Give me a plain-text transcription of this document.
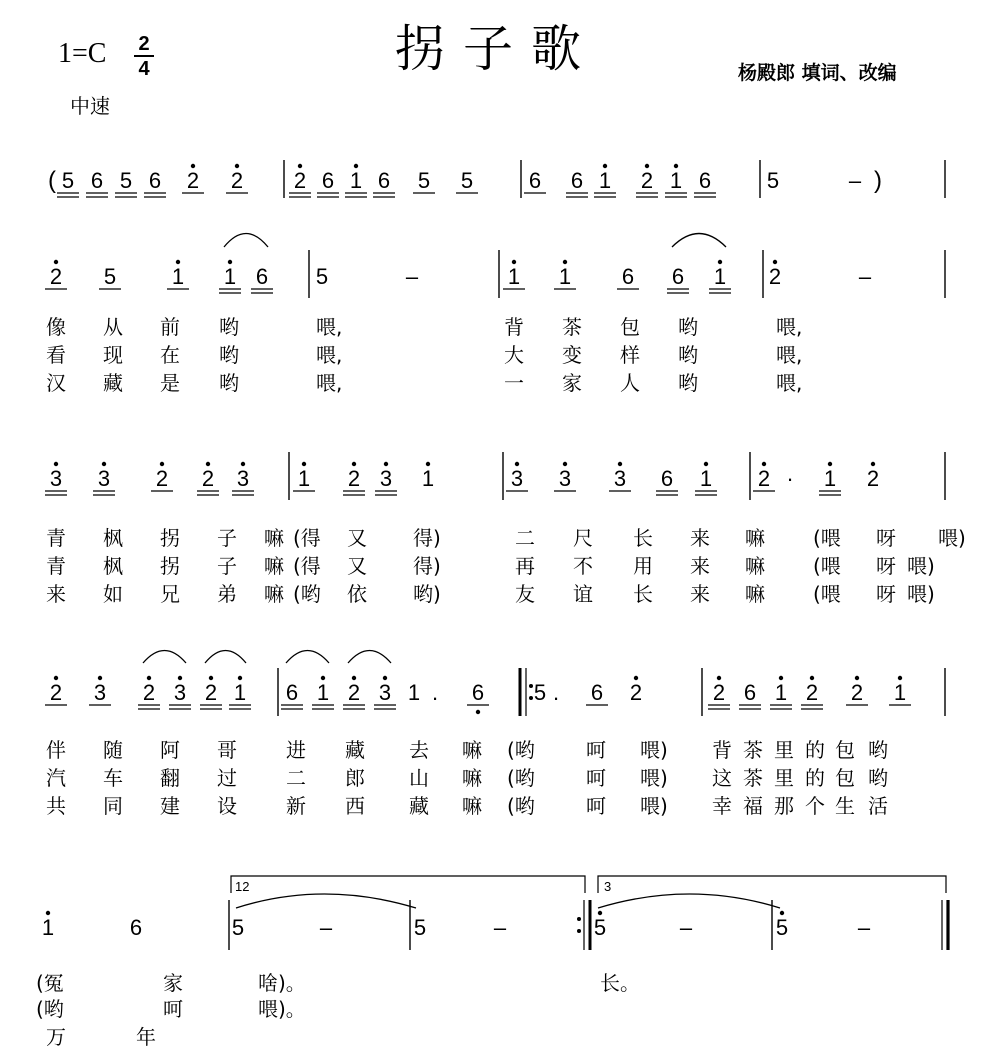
拐子歌
$1=C \frac{2}{4}$
中速
杨殿郎 填词、改编
( 5 6 5 6 2 2 2 6 1 6 5 5	6 6 1 2 1 6	5	– )
2 5	1 1 6 5	–	1 1 6 6 1 2	–
像 从 前 哟	喂,	背 茶 包 哟	喂,
看 现 在 哟	喂,	大 变 样 哟	喂,
汉 藏 是 哟	喂,	一 家 人 哟	喂,
3 3 2 2 3 1 2 3 1	3 3 3 6 1 2 · 1 2
青 枫 拐 子 嘛 (得 又 得)	二 尺 长 来 嘛 (喂 呀 喂)
青 枫 拐 子 嘛 (得 又 得)	再 不 用 来 嘛 (喂 呀 喂)
来 如 兄 弟 嘛 (哟 依 哟)	友 谊 长 来 嘛 (喂 呀 喂)
2 3 2 3 2 1 6 1 2 3 1 . 6 5 . 6 2	2 6 1 2 2 1
伴 随 阿 哥 进 藏 去 嘛 (哟	呵 喂) 背 茶 里 的 包 哟
汽 车 翻 过 二 郎 山 嘛 (哟	呵 喂) 这 茶 里 的 包 哟
共 同 建 设 新 西 藏 嘛 (哟	呵 喂) 幸 福 那 个 生 活
1	6	5	–	5	–	5	–	5	–
(冤	家	啥)。	长。
(哟	呵	喂)。
万	年
12	3
